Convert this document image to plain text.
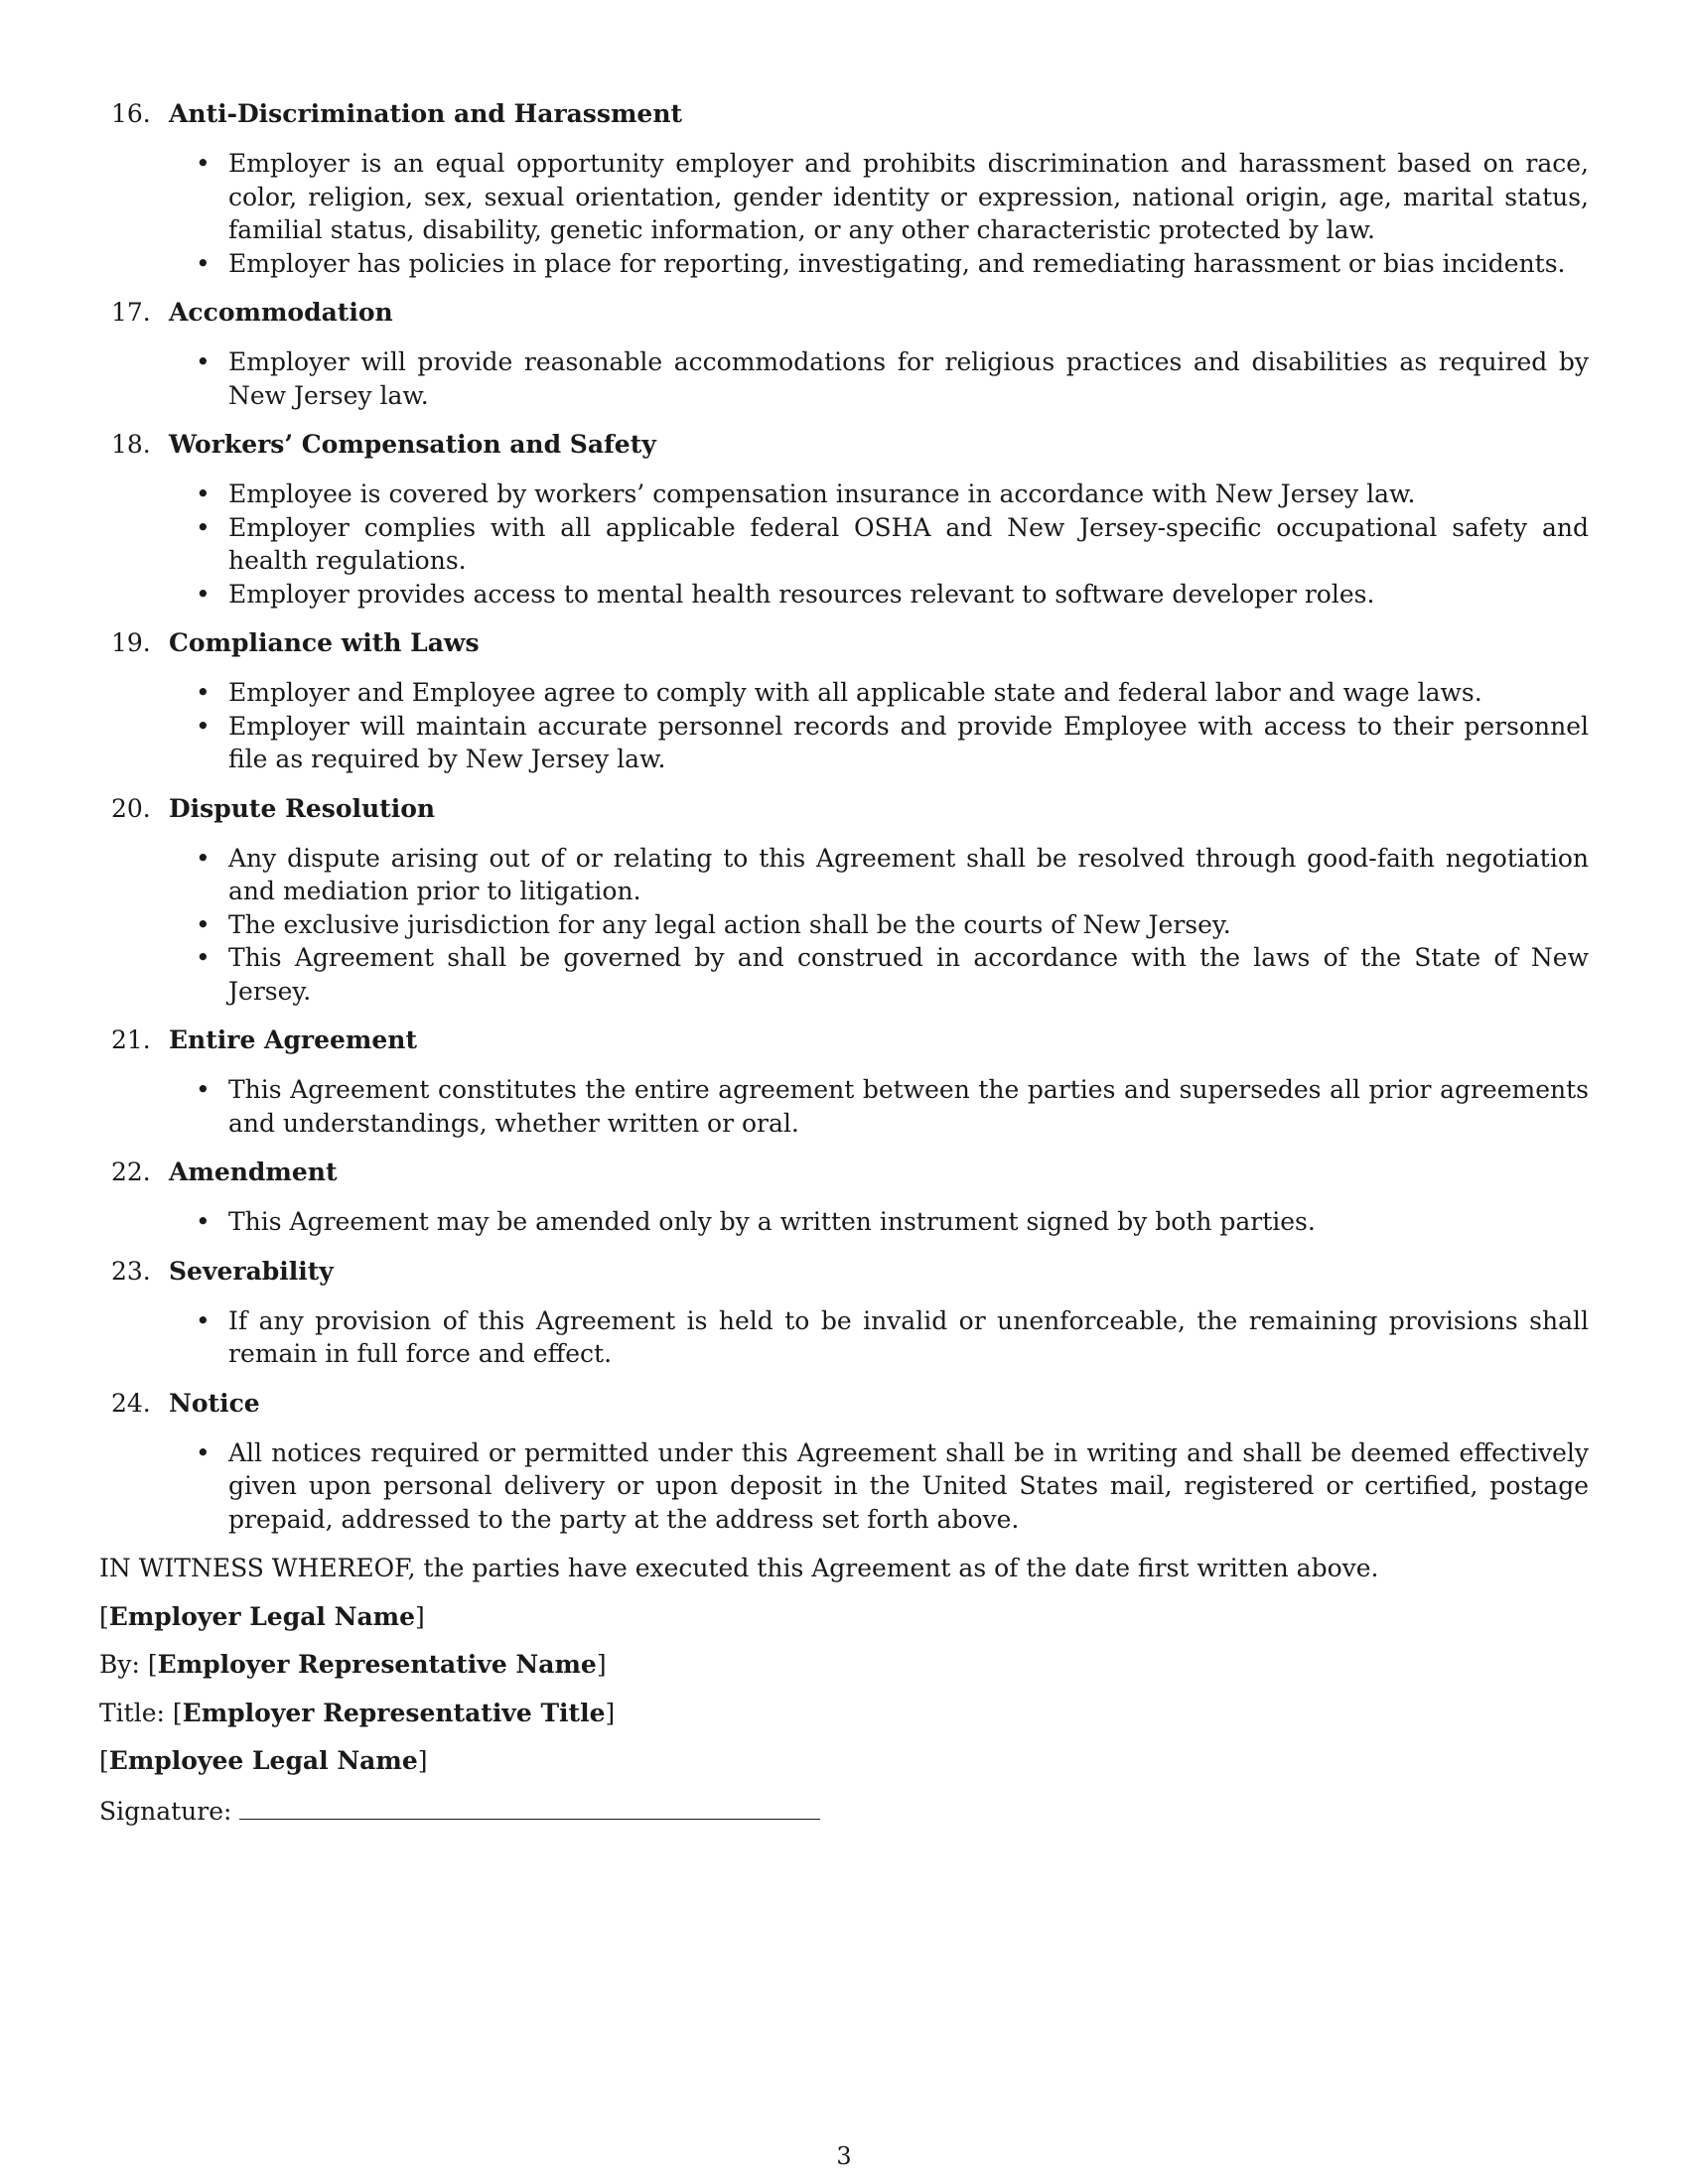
16. Anti-Discrimination and Harassment
• Employer is an equal opportunity employer and prohibits discrimination and harassment based on race, color, religion, sex, sexual orientation, gender identity or expression, national origin, age, marital status, familial status, disability, genetic information, or any other characteristic protected by law.
• Employer has policies in place for reporting, investigating, and remediating harassment or bias incidents.
17. Accommodation
• Employer will provide reasonable accommodations for religious practices and disabilities as required by New Jersey law.
18. Workers’ Compensation and Safety
• Employee is covered by workers’ compensation insurance in accordance with New Jersey law.
• Employer complies with all applicable federal OSHA and New Jersey-specific occupational safety and health regulations.
• Employer provides access to mental health resources relevant to software developer roles.
19. Compliance with Laws
• Employer and Employee agree to comply with all applicable state and federal labor and wage laws.
• Employer will maintain accurate personnel records and provide Employee with access to their personnel file as required by New Jersey law.
20. Dispute Resolution
• Any dispute arising out of or relating to this Agreement shall be resolved through good-faith negotiation and mediation prior to litigation.
• The exclusive jurisdiction for any legal action shall be the courts of New Jersey.
• This Agreement shall be governed by and construed in accordance with the laws of the State of New Jersey.
21. Entire Agreement
• This Agreement constitutes the entire agreement between the parties and supersedes all prior agreements and understandings, whether written or oral.
22. Amendment
• This Agreement may be amended only by a written instrument signed by both parties.
23. Severability
• If any provision of this Agreement is held to be invalid or unenforceable, the remaining provisions shall remain in full force and effect.
24. Notice
• All notices required or permitted under this Agreement shall be in writing and shall be deemed effectively given upon personal delivery or upon deposit in the United States mail, registered or certified, postage prepaid, addressed to the party at the address set forth above.
IN WITNESS WHEREOF, the parties have executed this Agreement as of the date first written above.
[Employer Legal Name]
By: [Employer Representative Name]
Title: [Employer Representative Title]
[Employee Legal Name]
Signature:
3
